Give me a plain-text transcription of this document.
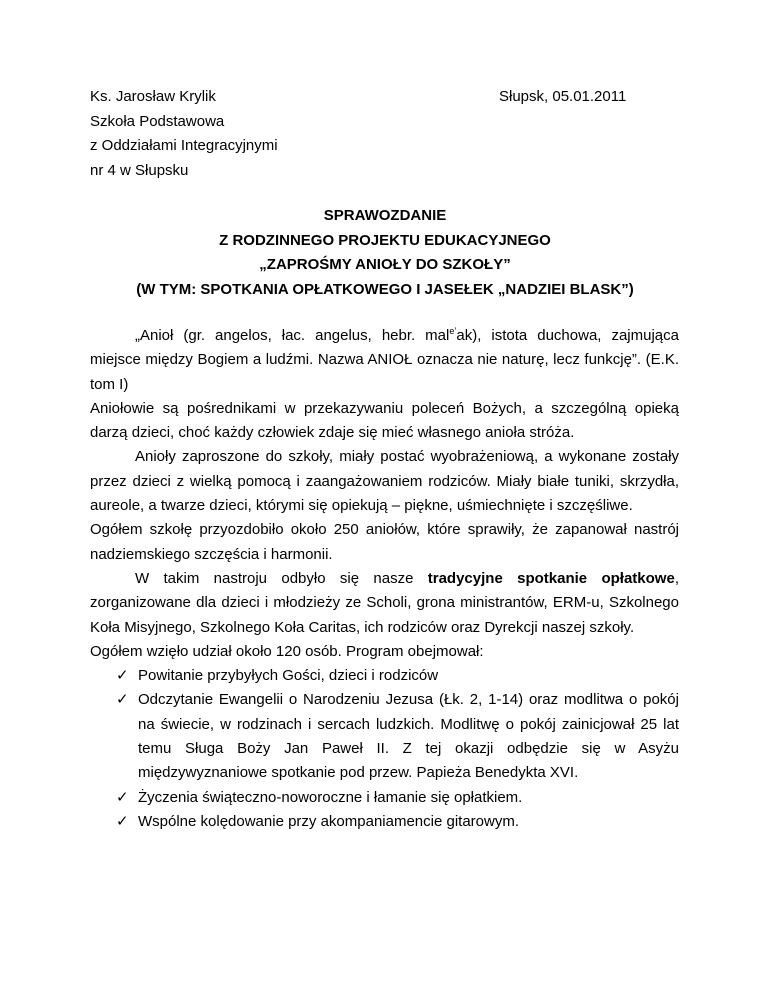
Ks. Jarosław Krylik
Szkoła Podstawowa
z Oddziałami Integracyjnymi
nr 4 w Słupsku
Słupsk, 05.01.2011
SPRAWOZDANIE
Z RODZINNEGO PROJEKTU EDUKACYJNEGO
„ZAPROŚMY ANIOŁY DO SZKOŁY”
(W TYM: SPOTKANIA OPŁATKOWEGO I JASEŁEK „NADZIEI BLASK”)

„Anioł (gr. angelos, łac. angelus, hebr. mal$^{e’}$ak), istota duchowa, zajmująca miejsce między Bogiem a ludźmi. Nazwa ANIOŁ oznacza nie naturę, lecz funkcję”. (E.K. tom I)

Aniołowie są pośrednikami w przekazywaniu poleceń Bożych, a szczególną opieką darzą dzieci, choć każdy człowiek zdaje się mieć własnego anioła stróża.

Anioły zaproszone do szkoły, miały postać wyobrażeniową, a wykonane zostały przez dzieci z wielką pomocą i zaangażowaniem rodziców. Miały białe tuniki, skrzydła, aureole, a twarze dzieci, którymi się opiekują – piękne, uśmiechnięte i szczęśliwe.

Ogółem szkołę przyozdobiło około 250 aniołów, które sprawiły, że zapanował nastrój nadziemskiego szczęścia i harmonii.

W takim nastroju odbyło się nasze tradycyjne spotkanie opłatkowe, zorganizowane dla dzieci i młodzieży ze Scholi, grona ministrantów, ERM-u, Szkolnego Koła Misyjnego, Szkolnego Koła Caritas, ich rodziców oraz Dyrekcji naszej szkoły.

Ogółem wzięło udział około 120 osób. Program obejmował:

✓ Powitanie przybyłych Gości, dzieci i rodziców
✓ Odczytanie Ewangelii o Narodzeniu Jezusa (Łk. 2, 1-14) oraz modlitwa o pokój na świecie, w rodzinach i sercach ludzkich. Modlitwę o pokój zainicjował 25 lat temu Sługa Boży Jan Paweł II. Z tej okazji odbędzie się w Asyżu międzywyznaniowe spotkanie pod przew. Papieża Benedykta XVI.
✓ Życzenia świąteczno-noworoczne i łamanie się opłatkiem.
✓ Wspólne kolędowanie przy akompaniamencie gitarowym.
